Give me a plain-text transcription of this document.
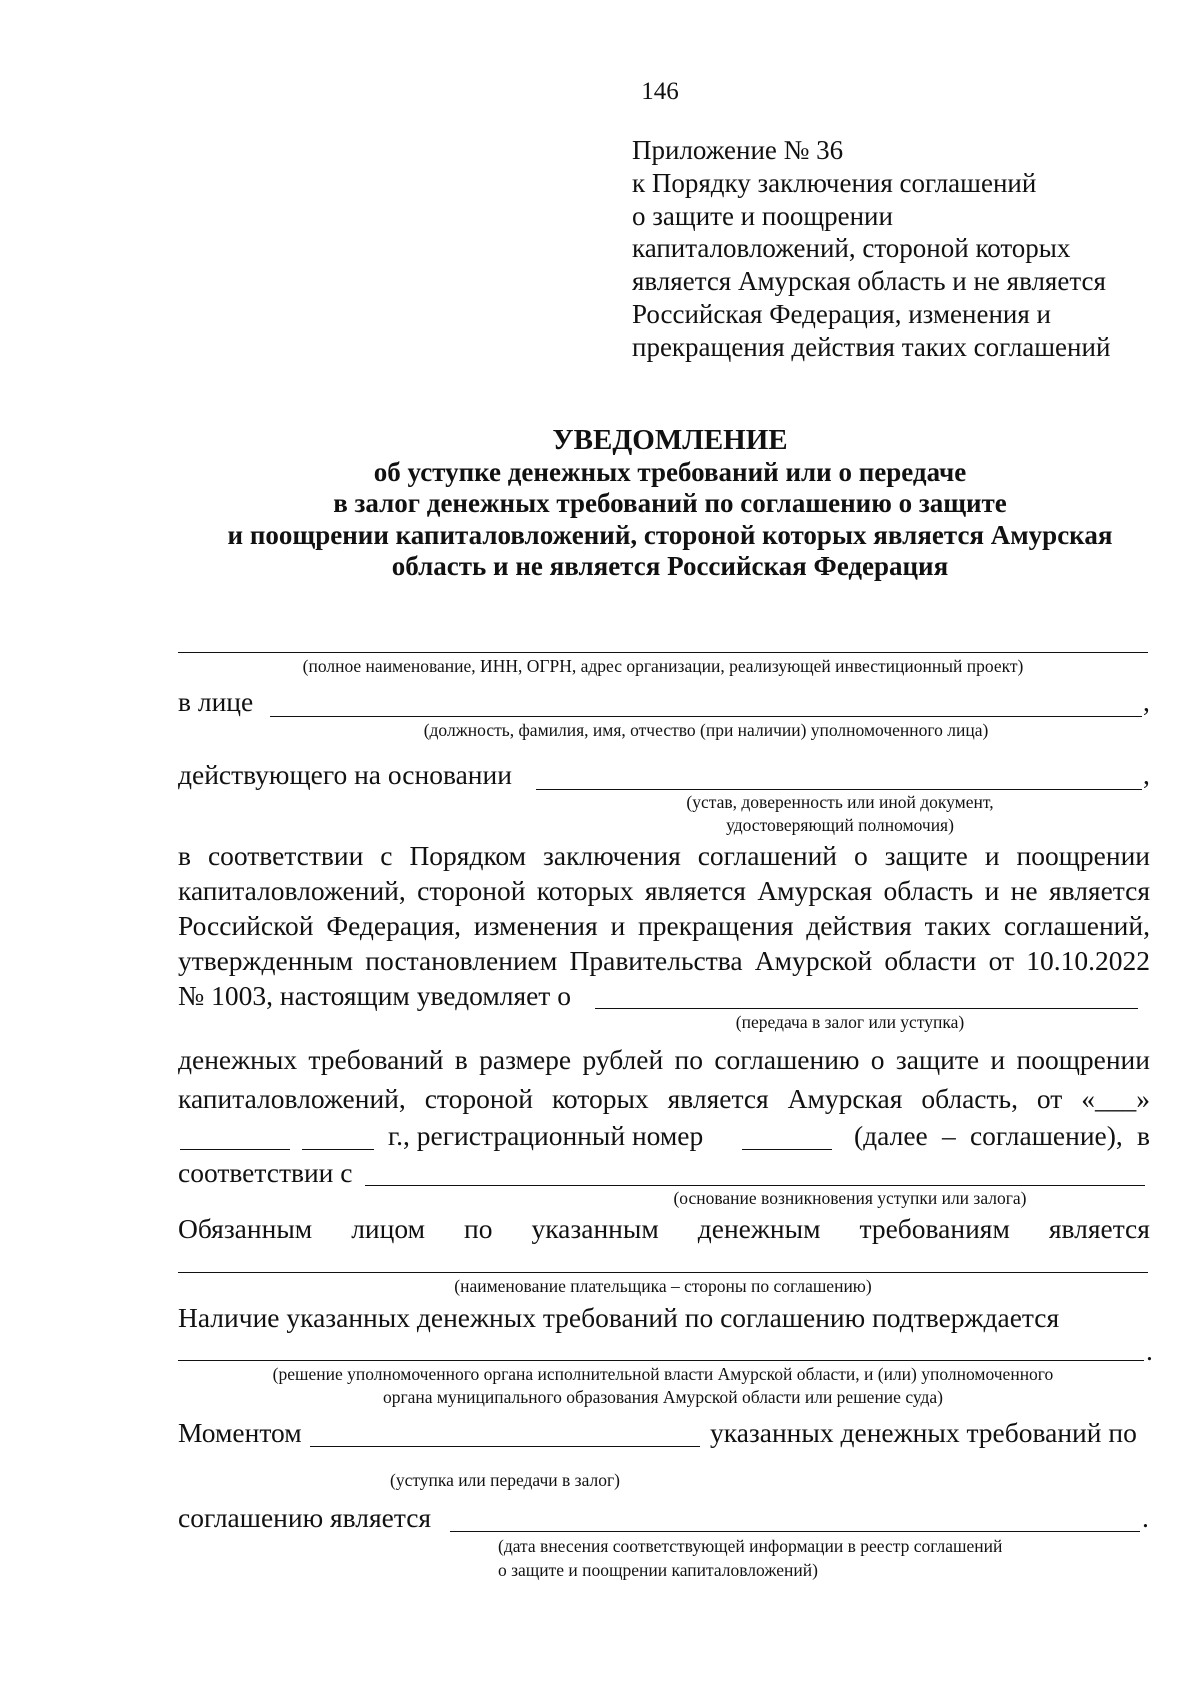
146
Приложение № 36
к Порядку заключения соглашений
о защите и поощрении
капиталовложений, стороной которых
является Амурская область и не является
Российская Федерация, изменения и
прекращения действия таких соглашений
УВЕДОМЛЕНИЕ
об уступке денежных требований или о передаче
в залог денежных требований по соглашению о защите
и поощрении капиталовложений, стороной которых является Амурская
область и не является Российская Федерация
(полное наименование, ИНН, ОГРН, адрес организации, реализующей инвестиционный проект)
в лице	,
(должность, фамилия, имя, отчество (при наличии) уполномоченного лица)
действующего на основании	,
(устав, доверенность или иной документ,
удостоверяющий полномочия)
в соответствии с Порядком заключения соглашений о защите и поощрении
капиталовложений, стороной которых является Амурская область и не является
Российской Федерация, изменения и прекращения действия таких соглашений,
утвержденным постановлением Правительства Амурской области от 10.10.2022
№ 1003, настоящим уведомляет о
(передача в залог или уступка)
денежных требований в размере рублей по соглашению о защите и поощрении
капиталовложений, стороной которых является Амурская область, от «___»
г., регистрационный номер	(далее – соглашение), в
соответствии с
(основание возникновения уступки или залога)
Обязанным лицом по указанным денежным требованиям является
(наименование плательщика – стороны по соглашению)
Наличие указанных денежных требований по соглашению подтверждается
.
(решение уполномоченного органа исполнительной власти Амурской области, и (или) уполномоченного
органа муниципального образования Амурской области или решение суда)
Моментом	указанных денежных требований по
(уступка или передачи в залог)
соглашению является	.
(дата внесения соответствующей информации в реестр соглашений
о защите и поощрении капиталовложений)
